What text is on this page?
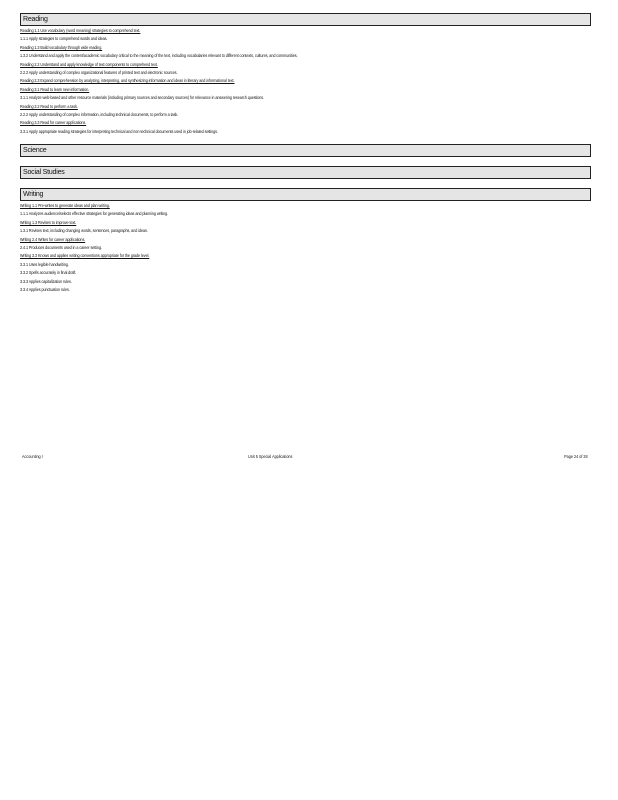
Reading
Reading 1.1 Use vocabulary (word meaning) strategies to comprehend text.
1.1.1 Apply strategies to comprehend words and ideas.
Reading 1.3 Build vocabulary through wide reading.
1.3.2 Understand and apply the content/academic vocabulary critical to the meaning of the text, including vocabularies relevant to different contexts, cultures, and communities.
Reading 2.2 Understand and apply knowledge of text components to comprehend text.
2.2.2 Apply understanding of complex organizational features of printed text and electronic sources.
Reading 2.3 Expand comprehension by analyzing, interpreting, and synthesizing information and ideas in literary and informational text.
Reading 3.1 Read to learn new information.
3.1.1 Analyze web-based and other resource materials (including primary sources and secondary sources) for relevance in answering research questions.
Reading 3.2 Read to perform a task.
2.2.2 Apply understanding of complex information, including technical documents, to perform a task.
Reading 3.3 Read for career applications.
3.3.1 Apply appropriate reading strategies for interpreting technical and non-technical documents used in job-related settings.
Science
Social Studies
Writing
Writing 1.1 Pre-writes to generate ideas and plan writing.
1.1.1 Analyzes audience/selects effective strategies for generating ideas and planning writing.
Writing 1.3 Revises to improve text.
1.3.1 Revises text, including changing words, sentences, paragraphs, and ideas.
Writing 2.4 Writes for career applications.
2.4.1 Produces documents used in a career setting.
Writing 3.3 Knows and applies writing conventions appropriate for the grade level.
3.3.1 Uses legible handwriting.
3.3.2 Spells accurately in final draft.
3.3.3 Applies capitalization rules.
3.3.4 Applies punctuation rules.
Accounting I	Unit 5 Special Applications	Page 24 of 28
